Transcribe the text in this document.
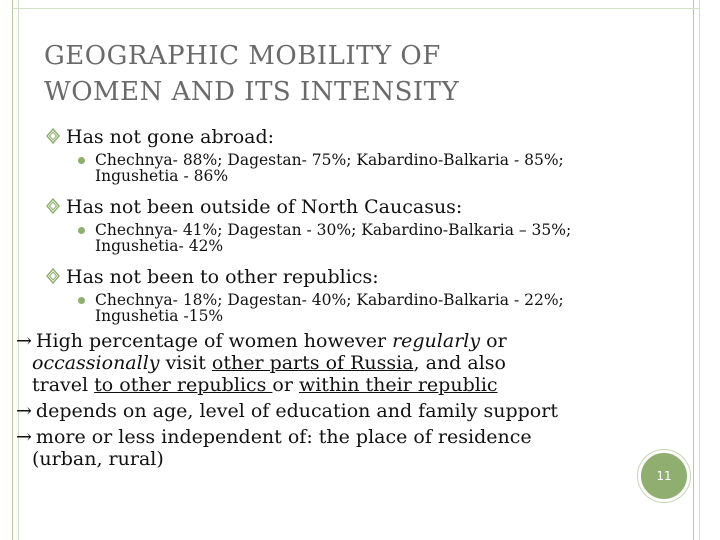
GEOGRAPHIC MOBILITY OF
WOMEN AND ITS INTENSITY
Has not gone abroad:
Chechnya- 88%; Dagestan- 75%; Kabardino-Balkaria - 85%; Ingushetia - 86%
Has not been outside of North Caucasus:
Chechnya- 41%; Dagestan - 30%; Kabardino-Balkaria – 35%; Ingushetia- 42%
Has not been to other republics:
Chechnya- 18%; Dagestan- 40%; Kabardino-Balkaria - 22%; Ingushetia -15%
→ High percentage of women however regularly or
occassionally visit other parts of Russia, and also
travel to other republics or within their republic
→ depends on age, level of education and family support
→ more or less independent of: the place of residence
(urban, rural)
11
